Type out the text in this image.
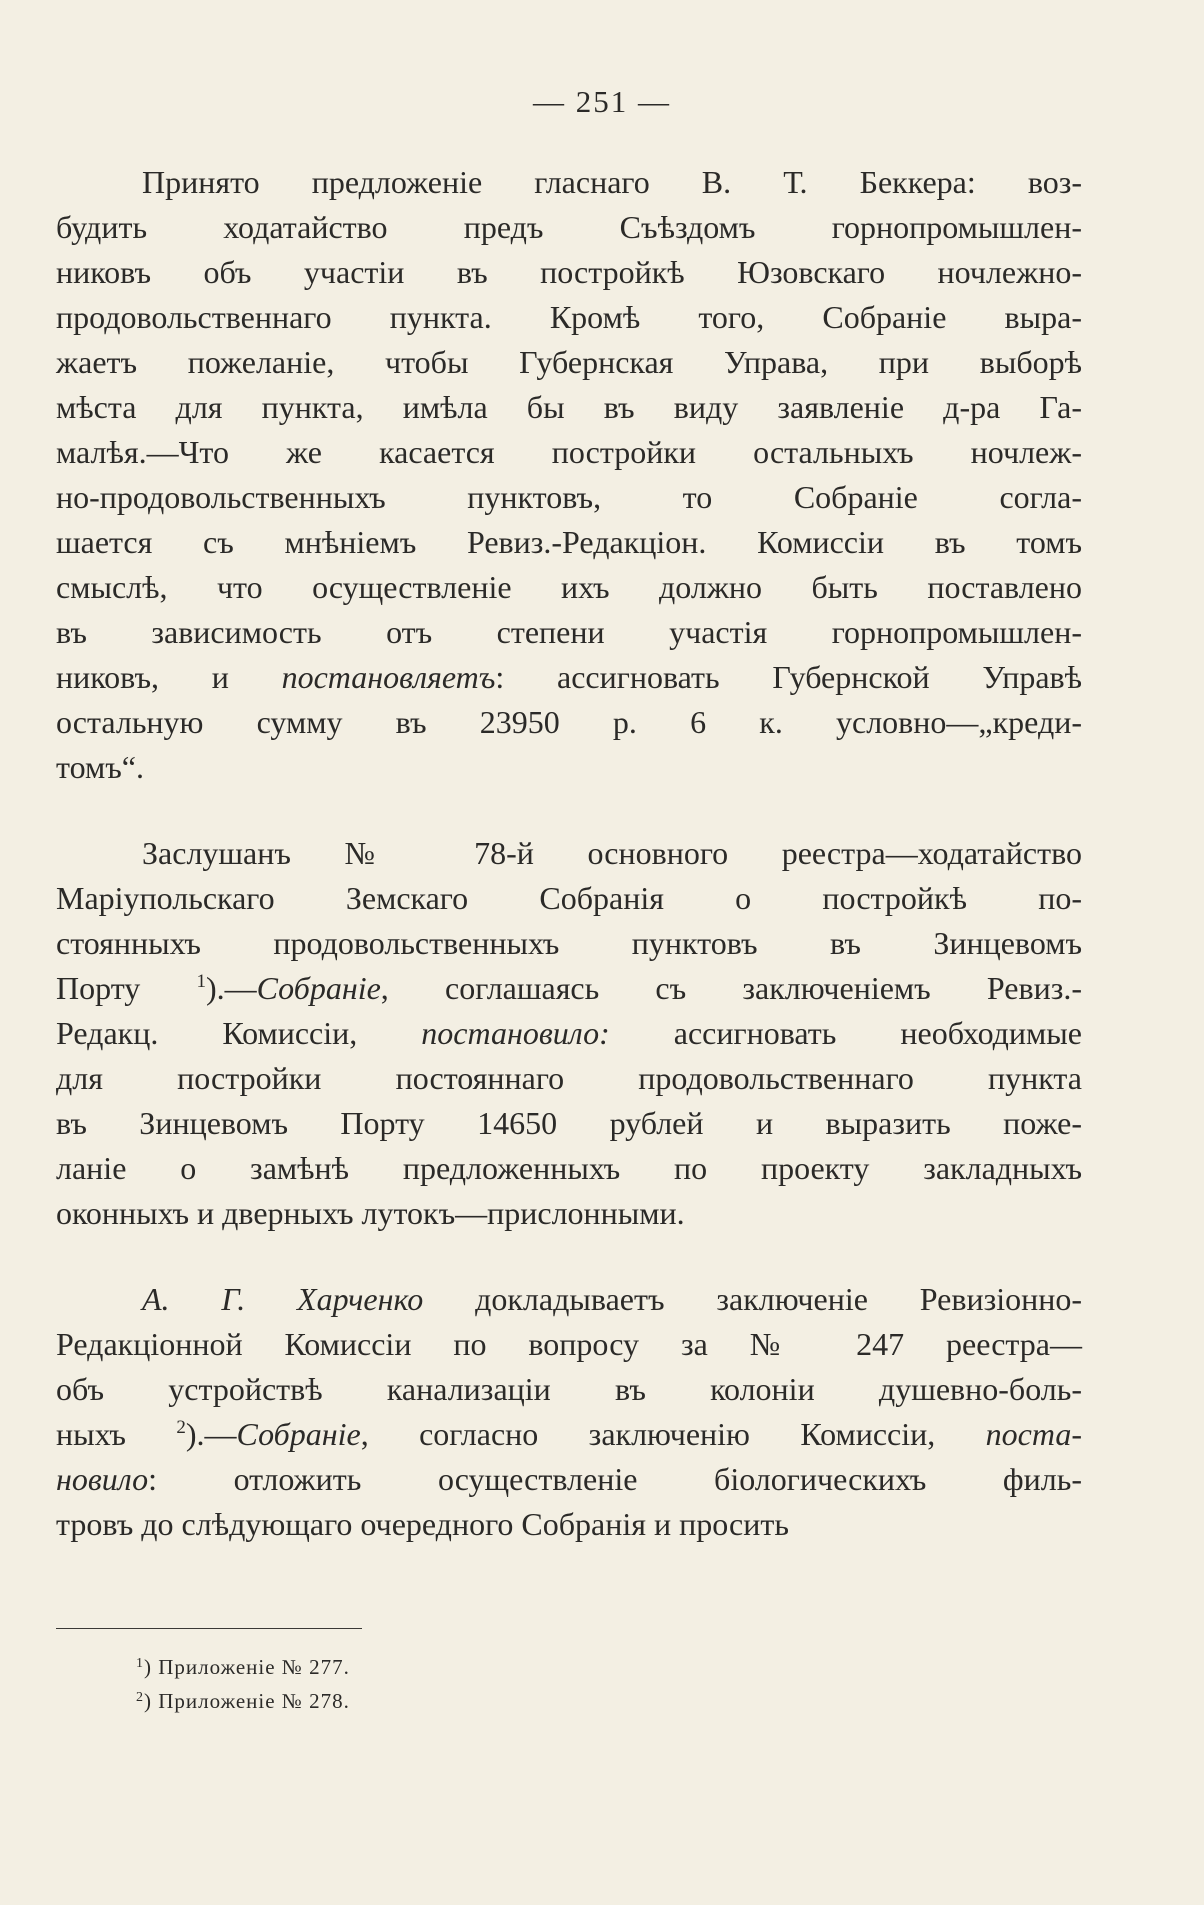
— 251 —
Принято предложеніе гласнаго В. Т. Беккера: воз-
будить ходатайство предъ Съѣздомъ горнопромышлен-
никовъ объ участіи въ постройкѣ Юзовскаго ночлежно-
продовольственнаго пункта. Кромѣ того, Собраніе выра-
жаетъ пожеланіе, чтобы Губернская Управа, при выборѣ
мѣста для пункта, имѣла бы въ виду заявленіе д-ра Га-
малѣя.—Что же касается постройки остальныхъ ночлеж-
но-продовольственныхъ пунктовъ, то Собраніе согла-
шается съ мнѣніемъ Ревиз.-Редакціон. Комиссіи въ томъ
смыслѣ, что осуществленіе ихъ должно быть поставлено
въ зависимость отъ степени участія горнопромышлен-
никовъ, и постановляетъ: ассигновать Губернской Управѣ
остальную сумму въ 23950 р. 6 к. условно—„креди-
томъ“.
Заслушанъ № 78-й основного реестра—ходатайство
Маріупольскаго Земскаго Собранія о постройкѣ по-
стоянныхъ продовольственныхъ пунктовъ въ Зинцевомъ
Порту $^1$).—Собраніе, соглашаясь съ заключеніемъ Ревиз.-
Редакц. Комиссіи, постановило: ассигновать необходимые
для постройки постояннаго продовольственнаго пункта
въ Зинцевомъ Порту 14650 рублей и выразить поже-
ланіе о замѣнѣ предложенныхъ по проекту закладныхъ
оконныхъ и дверныхъ лутокъ—прислонными.
А. Г. Харченко докладываетъ заключеніе Ревизіонно-
Редакціонной Комиссіи по вопросу за № 247 реестра—
объ устройствѣ канализаціи въ колоніи душевно-боль-
ныхъ $^2$).—Собраніе, согласно заключенію Комиссіи, поста-
новило: отложить осуществленіе біологическихъ филь-
тровъ до слѣдующаго очередного Собранія и просить
$^1$) Приложеніе № 277.
$^2$) Приложеніе № 278.
